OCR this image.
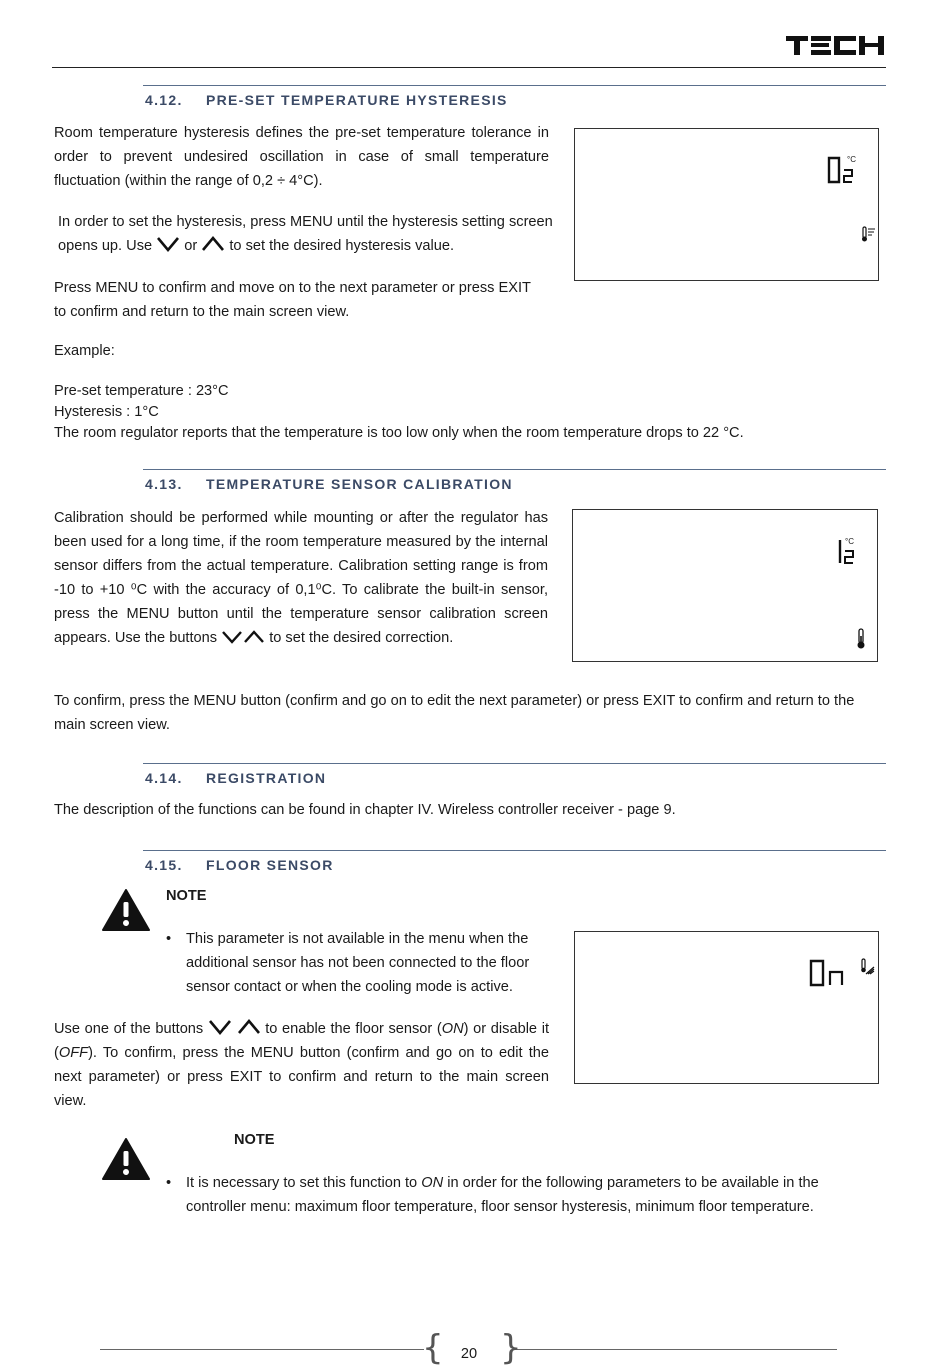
4.12. PRE-SET TEMPERATURE HYSTERESIS

Room temperature hysteresis defines the pre-set temperature tolerance in order to prevent undesired oscillation in case of small temperature fluctuation (within the range of 0,2 ÷ 4°C).

In order to set the hysteresis, press MENU until the hysteresis setting screen opens up. Use or to set the desired hysteresis value.

Press MENU to confirm and move on to the next parameter or press EXIT to confirm and return to the main screen view.

Example:
Pre-set temperature : 23°C
Hysteresis : 1°C
The room regulator reports that the temperature is too low only when the room temperature drops to 22 °C.
°C
4.13. TEMPERATURE SENSOR CALIBRATION

Calibration should be performed while mounting or after the regulator has been used for a long time, if the room temperature measured by the internal sensor differs from the actual temperature. Calibration setting range is from -10 to +10 ⁰C with the accuracy of 0,1⁰C. To calibrate the built-in sensor, press the MENU button until the temperature sensor calibration screen appears. Use the buttons	to set the desired correction.

To confirm, press the MENU button (confirm and go on to edit the next parameter) or press EXIT to confirm and return to the main screen view.

°C
4.14. REGISTRATION
The description of the functions can be found in chapter IV. Wireless controller receiver - page 9.
4.15. FLOOR SENSOR
NOTE
•	This parameter is not available in the menu when the additional sensor has not been connected to the floor sensor contact or when the cooling mode is active.

Use one of the buttons	to enable the floor sensor (ON) or disable it (OFF). To confirm, press the MENU button (confirm and go on to edit the next parameter) or press EXIT to confirm and return to the main screen view.

NOTE
•	It is necessary to set this function to ON in order for the following parameters to be available in the controller menu: maximum floor temperature, floor sensor hysteresis, minimum floor temperature.
{ }
20
